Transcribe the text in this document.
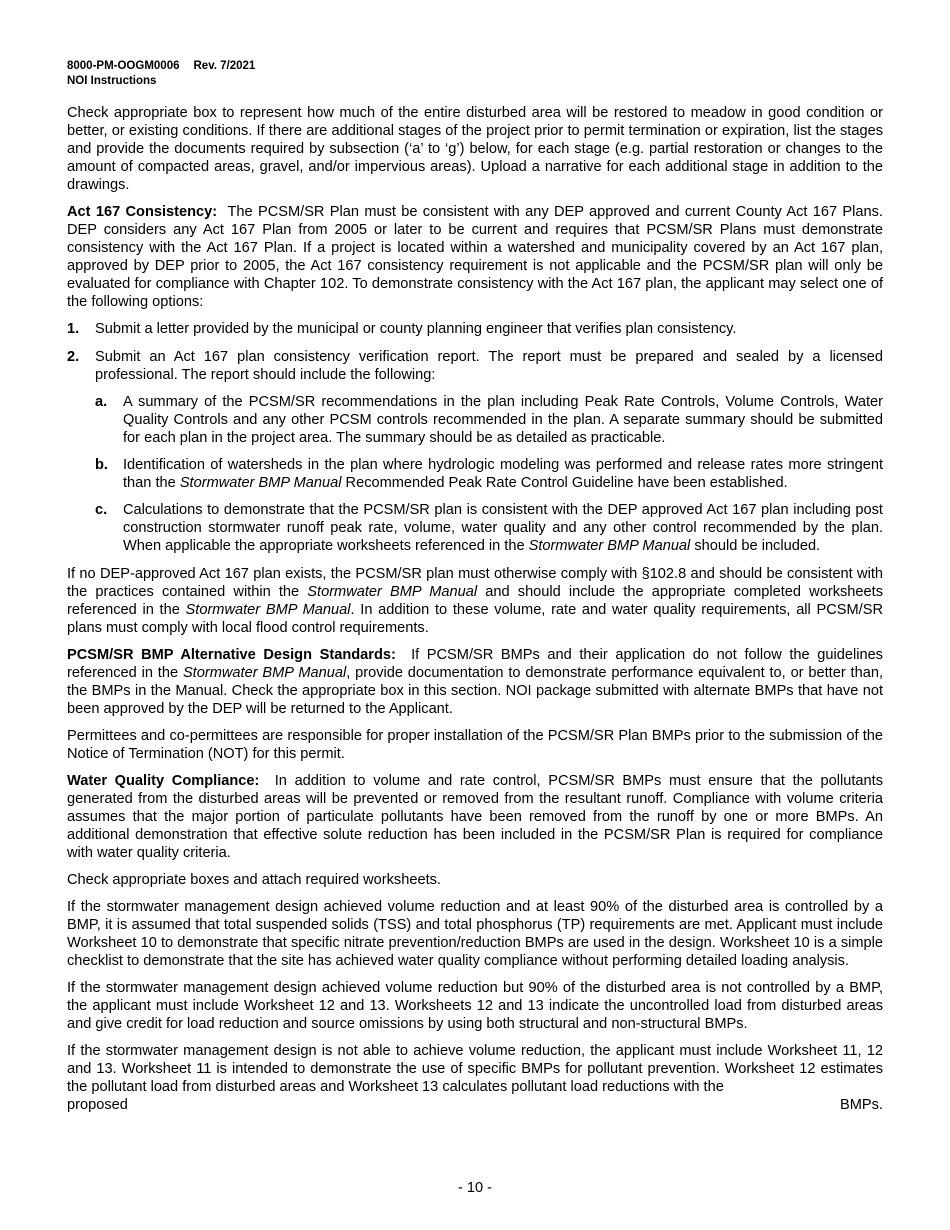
8000-PM-OOGM0006 Rev. 7/2021
NOI Instructions

Check appropriate box to represent how much of the entire disturbed area will be restored to meadow in good condition or better, or existing conditions. If there are additional stages of the project prior to permit termination or expiration, list the stages and provide the documents required by subsection (‘a’ to ‘g’) below, for each stage (e.g. partial restoration or changes to the amount of compacted areas, gravel, and/or impervious areas). Upload a narrative for each additional stage in addition to the drawings.

Act 167 Consistency: The PCSM/SR Plan must be consistent with any DEP approved and current County Act 167 Plans. DEP considers any Act 167 Plan from 2005 or later to be current and requires that PCSM/SR Plans must demonstrate consistency with the Act 167 Plan. If a project is located within a watershed and municipality covered by an Act 167 plan, approved by DEP prior to 2005, the Act 167 consistency requirement is not applicable and the PCSM/SR plan will only be evaluated for compliance with Chapter 102. To demonstrate consistency with the Act 167 plan, the applicant may select one of the following options:

1. Submit a letter provided by the municipal or county planning engineer that verifies plan consistency.
2. Submit an Act 167 plan consistency verification report. The report must be prepared and sealed by a licensed professional. The report should include the following:
a. A summary of the PCSM/SR recommendations in the plan including Peak Rate Controls, Volume Controls, Water Quality Controls and any other PCSM controls recommended in the plan. A separate summary should be submitted for each plan in the project area. The summary should be as detailed as practicable.
b. Identification of watersheds in the plan where hydrologic modeling was performed and release rates more stringent than the Stormwater BMP Manual Recommended Peak Rate Control Guideline have been established.
c. Calculations to demonstrate that the PCSM/SR plan is consistent with the DEP approved Act 167 plan including post construction stormwater runoff peak rate, volume, water quality and any other control recommended by the plan. When applicable the appropriate worksheets referenced in the Stormwater BMP Manual should be included.

If no DEP-approved Act 167 plan exists, the PCSM/SR plan must otherwise comply with §102.8 and should be consistent with the practices contained within the Stormwater BMP Manual and should include the appropriate completed worksheets referenced in the Stormwater BMP Manual. In addition to these volume, rate and water quality requirements, all PCSM/SR plans must comply with local flood control requirements.

PCSM/SR BMP Alternative Design Standards: If PCSM/SR BMPs and their application do not follow the guidelines referenced in the Stormwater BMP Manual, provide documentation to demonstrate performance equivalent to, or better than, the BMPs in the Manual. Check the appropriate box in this section. NOI package submitted with alternate BMPs that have not been approved by the DEP will be returned to the Applicant.

Permittees and co-permittees are responsible for proper installation of the PCSM/SR Plan BMPs prior to the submission of the Notice of Termination (NOT) for this permit.

Water Quality Compliance: In addition to volume and rate control, PCSM/SR BMPs must ensure that the pollutants generated from the disturbed areas will be prevented or removed from the resultant runoff. Compliance with volume criteria assumes that the major portion of particulate pollutants have been removed from the runoff by one or more BMPs. An additional demonstration that effective solute reduction has been included in the PCSM/SR Plan is required for compliance with water quality criteria.

Check appropriate boxes and attach required worksheets.

If the stormwater management design achieved volume reduction and at least 90% of the disturbed area is controlled by a BMP, it is assumed that total suspended solids (TSS) and total phosphorus (TP) requirements are met. Applicant must include Worksheet 10 to demonstrate that specific nitrate prevention/reduction BMPs are used in the design. Worksheet 10 is a simple checklist to demonstrate that the site has achieved water quality compliance without performing detailed loading analysis.

If the stormwater management design achieved volume reduction but 90% of the disturbed area is not controlled by a BMP, the applicant must include Worksheet 12 and 13. Worksheets 12 and 13 indicate the uncontrolled load from disturbed areas and give credit for load reduction and source omissions by using both structural and non-structural BMPs.

If the stormwater management design is not able to achieve volume reduction, the applicant must include Worksheet 11, 12 and 13. Worksheet 11 is intended to demonstrate the use of specific BMPs for pollutant prevention. Worksheet 12 estimates the pollutant load from disturbed areas and Worksheet 13 calculates pollutant load reductions with the
proposed	BMPs.

- 10 -
